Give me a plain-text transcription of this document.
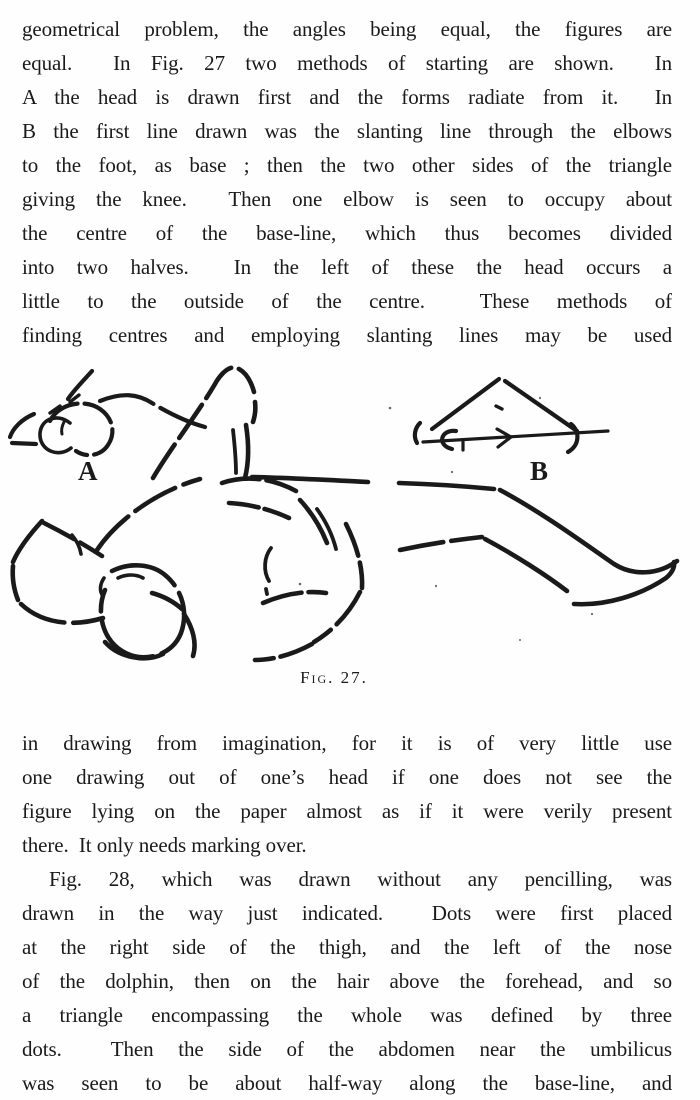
geometrical problem, the angles being equal, the figures are
equal.  In Fig. 27 two methods of starting are shown.  In
A the head is drawn first and the forms radiate from it.  In
B the first line drawn was the slanting line through the elbows
to the foot, as base ; then the two other sides of the triangle
giving the knee.  Then one elbow is seen to occupy about
the centre of the base-line, which thus becomes divided
into two halves.  In the left of these the head occurs a
little to the outside of the centre.  These methods of
finding centres and employing slanting lines may be used
A	B
Fig. 27.
in drawing from imagination, for it is of very little use
one drawing out of one’s head if one does not see the
figure lying on the paper almost as if it were verily present
there.  It only needs marking over.
Fig. 28, which was drawn without any pencilling, was
drawn in the way just indicated.  Dots were first placed
at the right side of the thigh, and the left of the nose
of the dolphin, then on the hair above the forehead, and so
a triangle encompassing the whole was defined by three
dots.  Then the side of the abdomen near the umbilicus
was seen to be about half-way along the base-line, and
